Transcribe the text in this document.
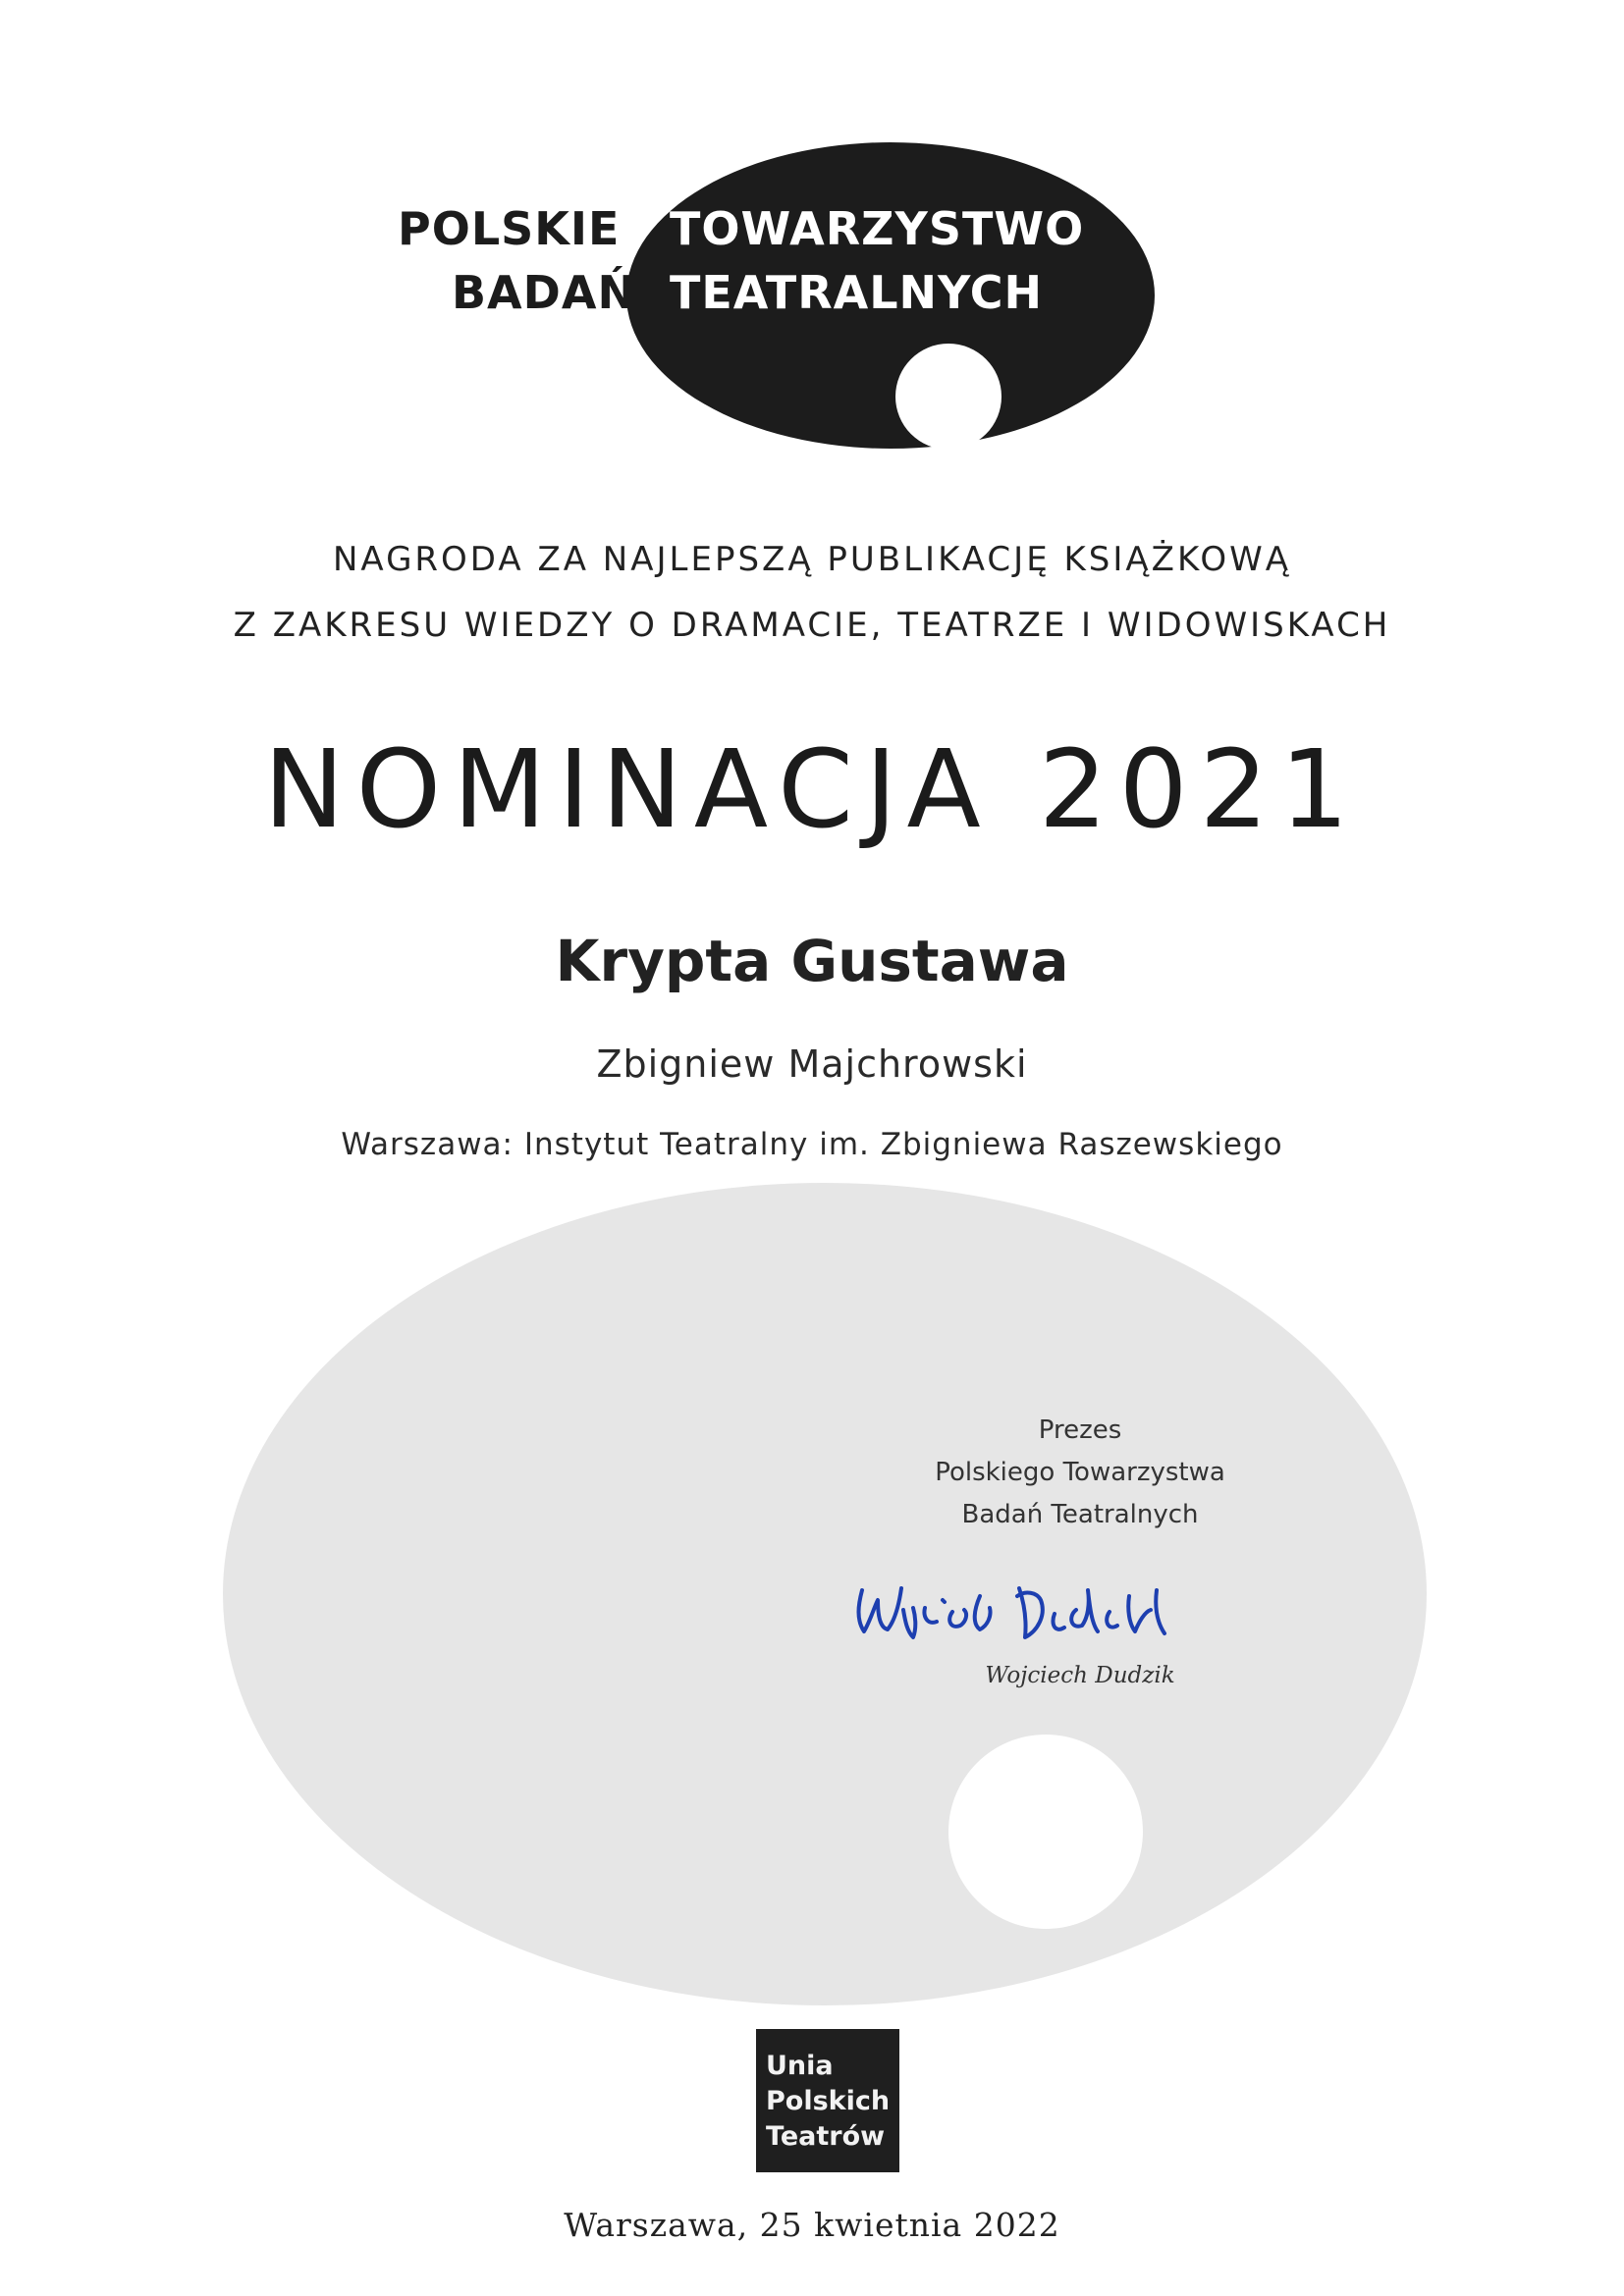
POLSKIE TOWARZYSTWO
BADAŃ TEATRALNYCH
NAGRODA ZA NAJLEPSZĄ PUBLIKACJĘ KSIĄŻKOWĄ
Z ZAKRESU WIEDZY O DRAMACIE, TEATRZE I WIDOWISKACH
NOMINACJA 2021
Krypta Gustawa
Zbigniew Majchrowski
Warszawa: Instytut Teatralny im. Zbigniewa Raszewskiego
Prezes
Polskiego Towarzystwa
Badań Teatralnych
Wojciech Dudzik
Unia
Polskich
Teatrów
Warszawa, 25 kwietnia 2022
